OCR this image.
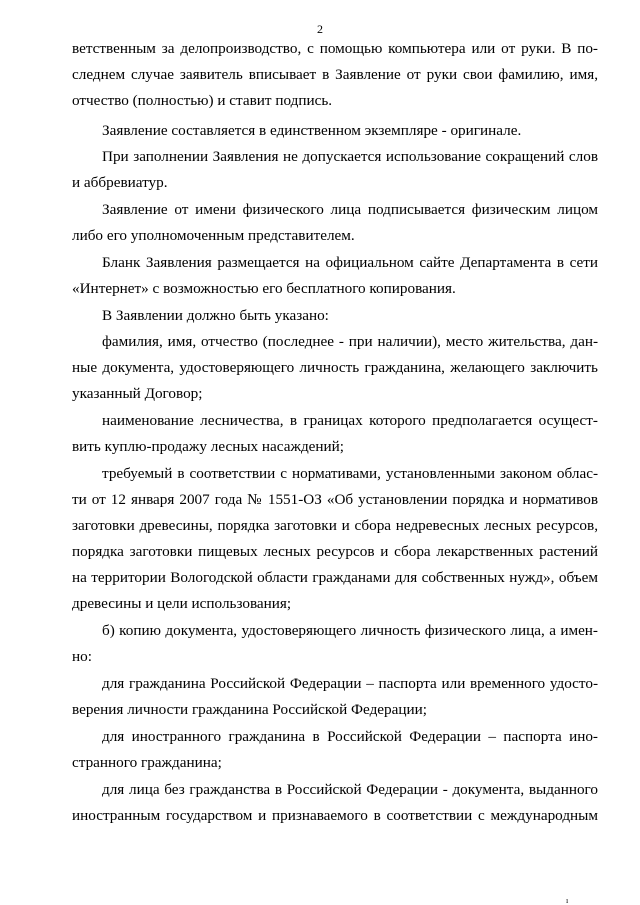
2
ветственным за делопроизводство, с помощью компьютера или от руки. В по-
следнем случае заявитель вписывает в Заявление от руки свои фамилию, имя,
отчество (полностью) и ставит подпись.
Заявление составляется в единственном экземпляре - оригинале.
При заполнении Заявления не допускается использование сокращений слов
и аббревиатур.
Заявление от имени физического лица подписывается физическим лицом
либо его уполномоченным представителем.
Бланк Заявления размещается на официальном сайте Департамента в сети
«Интернет» с возможностью его бесплатного копирования.
В Заявлении должно быть указано:
фамилия, имя, отчество (последнее - при наличии), место жительства, дан-
ные документа, удостоверяющего личность гражданина, желающего заключить
указанный Договор;
наименование лесничества, в границах которого предполагается осущест-
вить куплю-продажу лесных насаждений;
требуемый в соответствии с нормативами, установленными законом облас-
ти от 12 января 2007 года № 1551-ОЗ «Об установлении порядка и нормативов
заготовки древесины, порядка заготовки и сбора недревесных лесных ресурсов,
порядка заготовки пищевых лесных ресурсов и сбора лекарственных растений
на территории Вологодской области гражданами для собственных нужд», объем
древесины и цели использования;
б) копию документа, удостоверяющего личность физического лица, а имен-
но:
для гражданина Российской Федерации – паспорта или временного удосто-
верения личности гражданина Российской Федерации;
для иностранного гражданина в Российской Федерации – паспорта ино-
странного гражданина;
для лица без гражданства в Российской Федерации - документа, выданного
иностранным государством и признаваемого в соответствии с международным
ı
